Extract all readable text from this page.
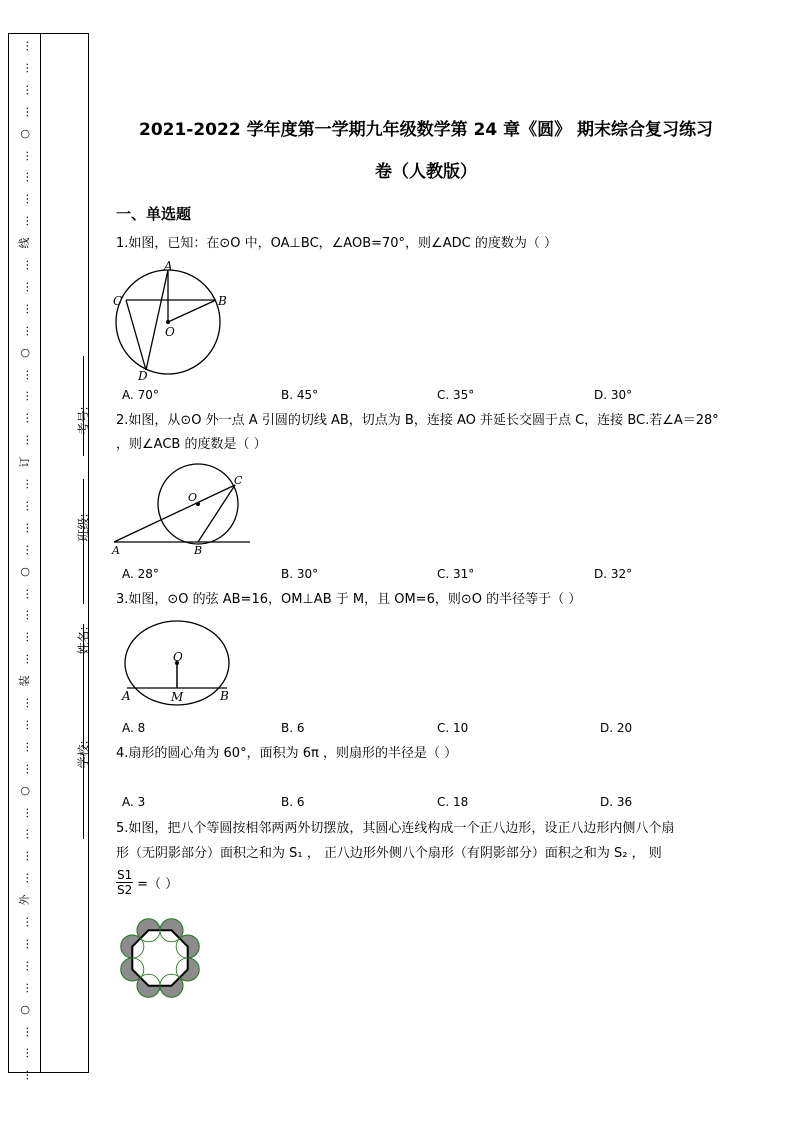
…
…
…
…
○
…
…
…
…
线
…
…
…
…
○
…
…
…
…
订
…
…
…
…
○
…
…
…
…
装
…
…
…
…
○
…
…
…
…
外
…
…
…
…
○
…
…
…
考号:
班级:
姓名:
学校:
2021-2022 学年度第一学期九年级数学第 24 章《圆》 期末综合复习练习
卷（人教版）
一、单选题
1.如图，已知：在⊙O 中，OA⊥BC，∠AOB=70°，则∠ADC 的度数为（ ）
A
C	B
O
D
A. 70°	B. 45°	C. 35°	D. 30°
2.如图，从⊙O 外一点 A 引圆的切线 AB，切点为 B，连接 AO 并延长交圆于点 C，连接 BC.若∠A＝28°
，则∠ACB 的度数是（ ）
O
C
A	B
A. 28°	B. 30°	C. 31°	D. 32°
3.如图，⊙O 的弦 AB=16，OM⊥AB 于 M，且 OM=6，则⊙O 的半径等于（ ）
O
A	M	B
A. 8	B. 6	C. 10	D. 20
4.扇形的圆心角为 60°，面积为 6π ，则扇形的半径是（ ）
A. 3	B. 6	C. 18	D. 36
5.如图，把八个等圆按相邻两两外切摆放，其圆心连线构成一个正八边形，设正八边形内侧八个扇
形（无阴影部分）面积之和为 S₁ ， 正八边形外侧八个扇形（有阴影部分）面积之和为 S₂ ， 则
$\frac{S1}{S2}$ =（ ）
